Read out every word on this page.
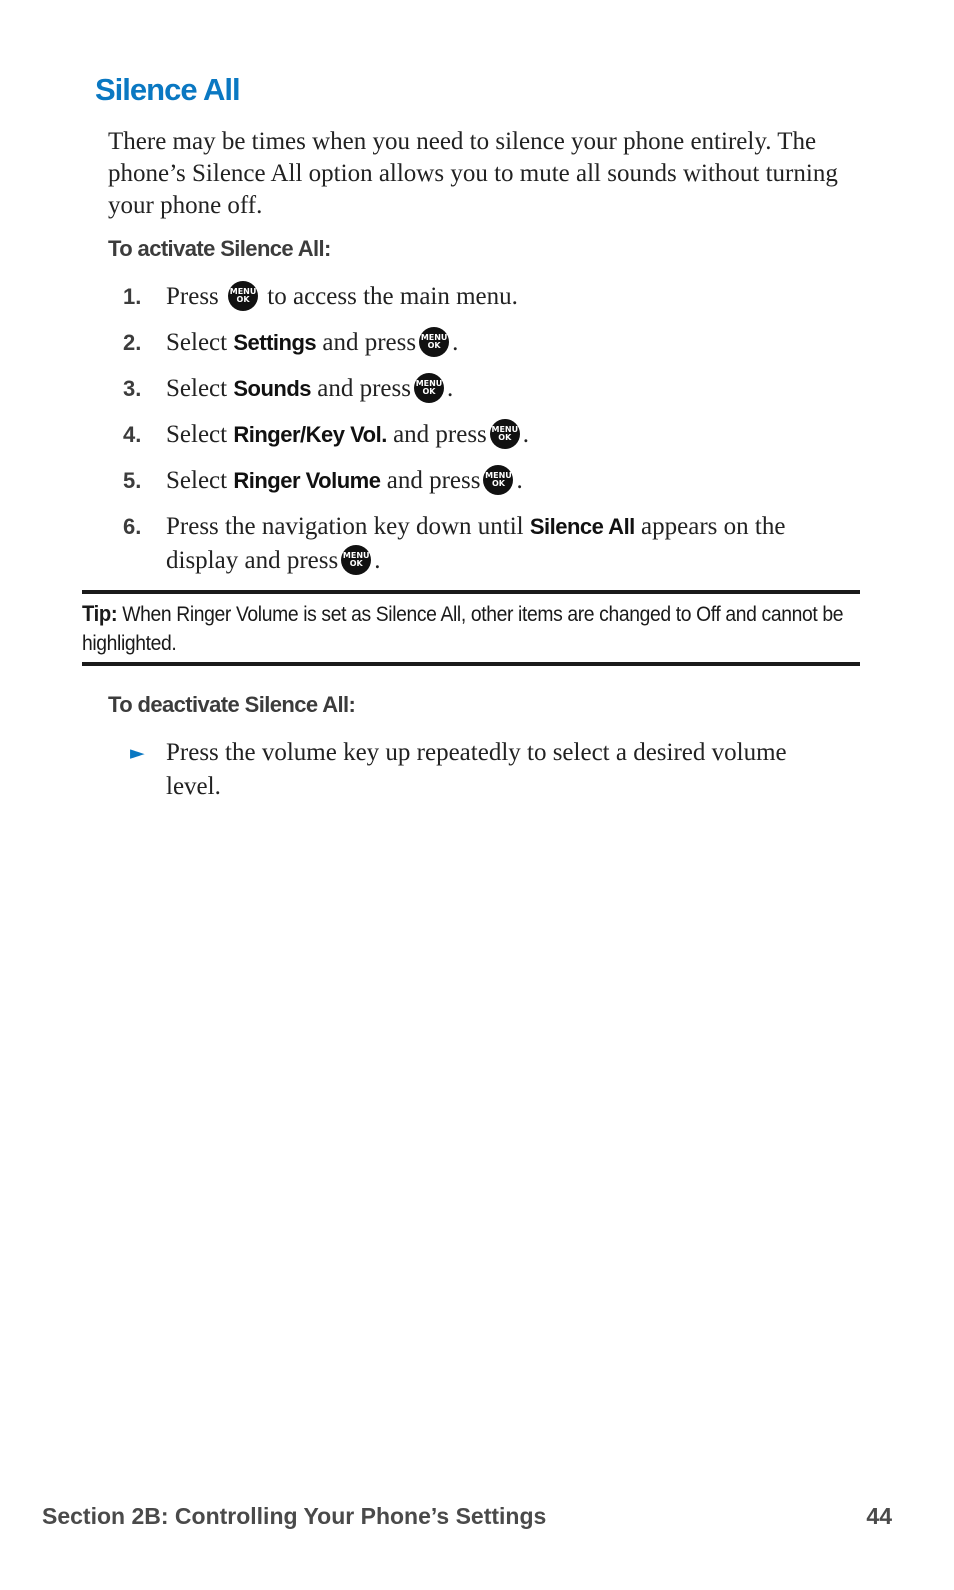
Silence All

There may be times when you need to silence your phone entirely. The phone’s Silence All option allows you to mute all sounds without turning your phone off.

To activate Silence All:

1. Press MENU OK to access the main menu.
2. Select Settings and press MENU OK .
3. Select Sounds and press MENU OK .
4. Select Ringer/Key Vol. and press MENU OK .
5. Select Ringer Volume and press MENU OK .
6. Press the navigation key down until Silence All appears on the display and press MENU OK .

Tip: When Ringer Volume is set as Silence All, other items are changed to Off and cannot be highlighted.

To deactivate Silence All:

► Press the volume key up repeatedly to select a desired volume level.

Section 2B: Controlling Your Phone’s Settings	44
